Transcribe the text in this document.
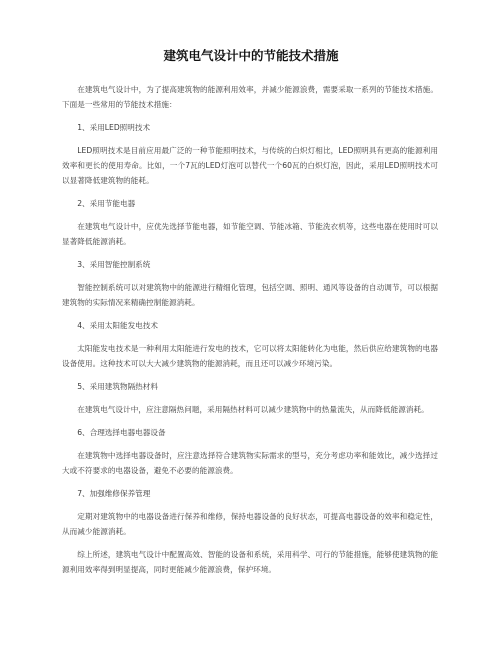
建筑电气设计中的节能技术措施

在建筑电气设计中，为了提高建筑物的能源利用效率，并减少能源浪费，需要采取一系列的节能技术措施。下面是一些常用的节能技术措施：

1、采用LED照明技术

LED照明技术是目前应用最广泛的一种节能照明技术，与传统的白炽灯相比，LED照明具有更高的能源利用效率和更长的使用寿命。比如，一个7瓦的LED灯泡可以替代一个60瓦的白炽灯泡，因此，采用LED照明技术可以显著降低建筑物的能耗。

2、采用节能电器

在建筑电气设计中，应优先选择节能电器，如节能空调、节能冰箱、节能洗衣机等，这些电器在使用时可以显著降低能源消耗。

3、采用智能控制系统

智能控制系统可以对建筑物中的能源进行精细化管理，包括空调、照明、通风等设备的自动调节，可以根据建筑物的实际情况来精确控制能源消耗。

4、采用太阳能发电技术

太阳能发电技术是一种利用太阳能进行发电的技术，它可以将太阳能转化为电能，然后供应给建筑物的电器设备使用。这种技术可以大大减少建筑物的能源消耗，而且还可以减少环境污染。

5、采用建筑物隔热材料

在建筑电气设计中，应注意隔热问题，采用隔热材料可以减少建筑物中的热量流失，从而降低能源消耗。

6、合理选择电器电器设备

在建筑物中选择电器设备时，应注意选择符合建筑物实际需求的型号，充分考虑功率和能效比，减少选择过大或不符要求的电器设备，避免不必要的能源浪费。

7、加强维修保养管理

定期对建筑物中的电器设备进行保养和维修，保持电器设备的良好状态，可提高电器设备的效率和稳定性，从而减少能源消耗。

综上所述，建筑电气设计中配置高效、智能的设备和系统，采用科学、可行的节能措施，能够使建筑物的能源利用效率得到明显提高，同时更能减少能源浪费，保护环境。
